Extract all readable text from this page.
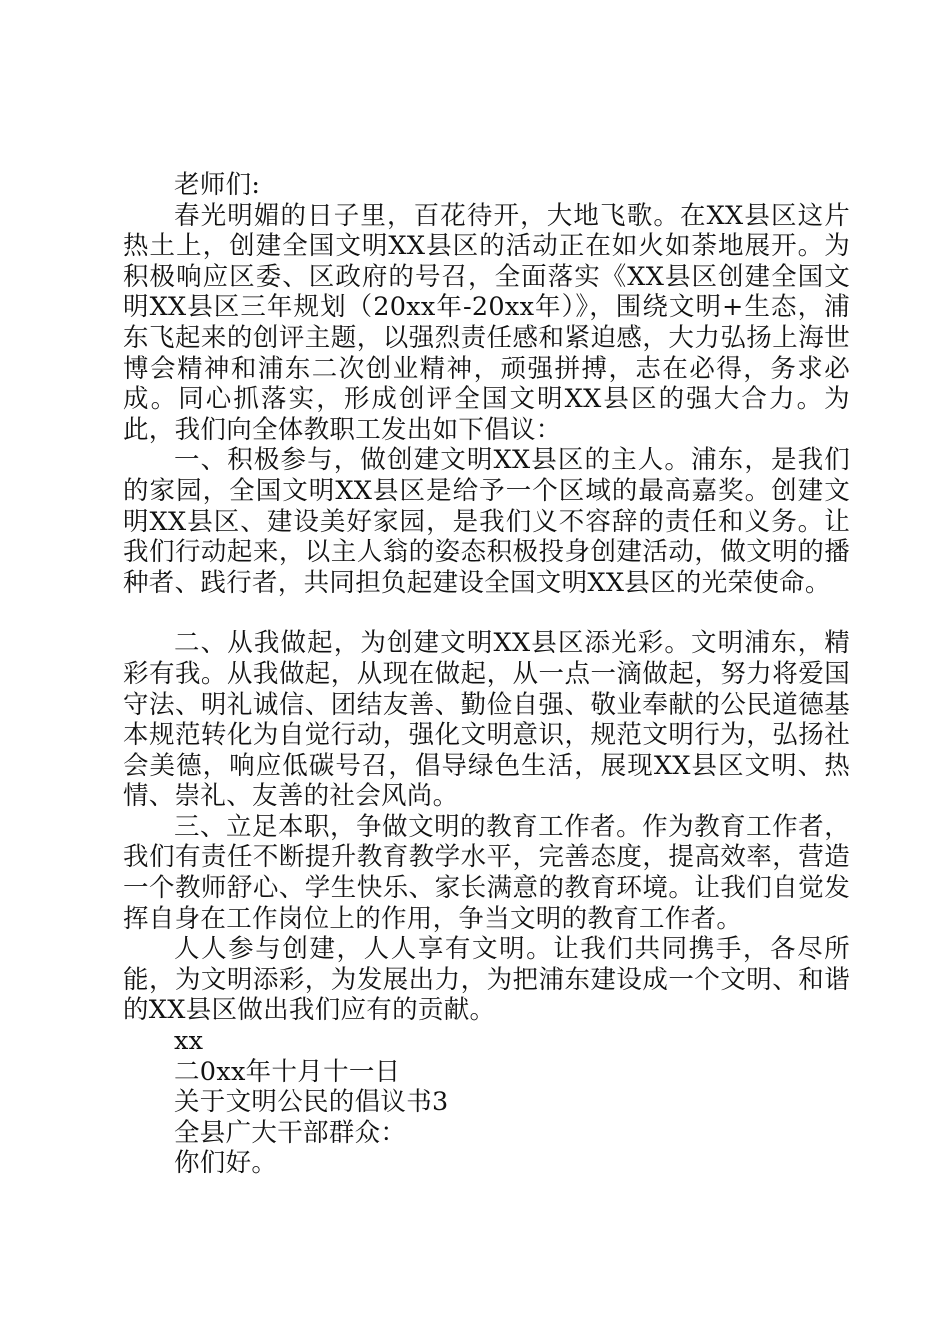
老师们:

春光明媚的日子里，百花待开，大地飞歌。在XX县区这片热土上，创建全国文明XX县区的活动正在如火如荼地展开。为积极响应区委、区政府的号召，全面落实《XX县区创建全国文明XX县区三年规划（20xx年-20xx年）》，围绕文明+生态，浦东飞起来的创评主题，以强烈责任感和紧迫感，大力弘扬上海世博会精神和浦东二次创业精神，顽强拼搏，志在必得，务求必成。同心抓落实，形成创评全国文明XX县区的强大合力。为此，我们向全体教职工发出如下倡议：

一、积极参与，做创建文明XX县区的主人。浦东，是我们的家园，全国文明XX县区是给予一个区域的最高嘉奖。创建文明XX县区、建设美好家园，是我们义不容辞的责任和义务。让我们行动起来，以主人翁的姿态积极投身创建活动，做文明的播种者、践行者，共同担负起建设全国文明XX县区的光荣使命。

二、从我做起，为创建文明XX县区添光彩。文明浦东，精彩有我。从我做起，从现在做起，从一点一滴做起，努力将爱国守法、明礼诚信、团结友善、勤俭自强、敬业奉献的公民道德基本规范转化为自觉行动，强化文明意识，规范文明行为，弘扬社会美德，响应低碳号召，倡导绿色生活，展现XX县区文明、热情、崇礼、友善的社会风尚。

三、立足本职，争做文明的教育工作者。作为教育工作者，我们有责任不断提升教育教学水平，完善态度，提高效率，营造一个教师舒心、学生快乐、家长满意的教育环境。让我们自觉发挥自身在工作岗位上的作用，争当文明的教育工作者。

人人参与创建，人人享有文明。让我们共同携手，各尽所能，为文明添彩，为发展出力，为把浦东建设成一个文明、和谐的XX县区做出我们应有的贡献。

xx
二0xx年十月十一日
关于文明公民的倡议书3
全县广大干部群众：
你们好。
